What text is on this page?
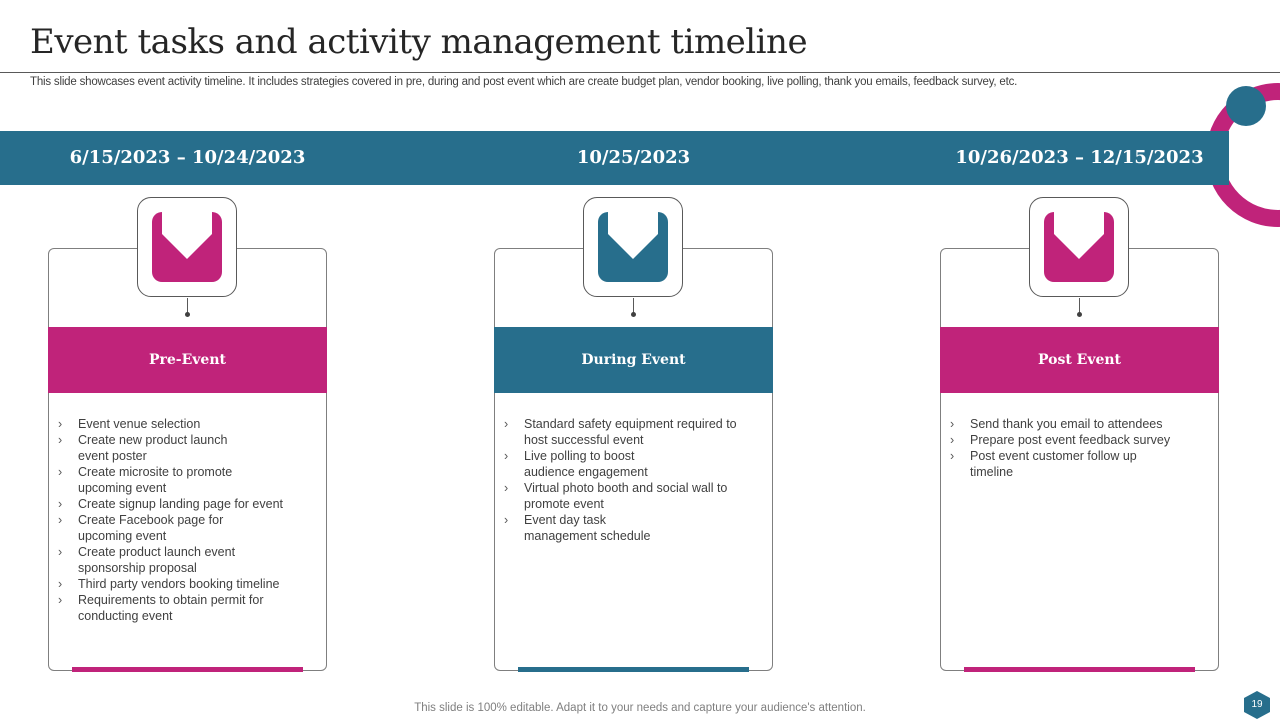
Event tasks and activity management timeline
This slide showcases event activity timeline. It includes strategies covered in pre, during and post event which are create budget plan, vendor booking, live polling, thank you emails, feedback survey, etc.
6/15/2023 – 10/24/2023	10/25/2023	10/26/2023 – 12/15/2023
Pre-Event
› Event venue selection
› Create new product launch event poster
› Create microsite to promote upcoming event
› Create signup landing page for event
› Create Facebook page for upcoming event
› Create product launch event sponsorship proposal
› Third party vendors booking timeline
› Requirements to obtain permit for conducting event
During Event
› Standard safety equipment required to host successful event
› Live polling to boost audience engagement
› Virtual photo booth and social wall to promote event
› Event day task management schedule
Post Event
› Send thank you email to attendees
› Prepare post event feedback survey
› Post event customer follow up timeline
This slide is 100% editable. Adapt it to your needs and capture your audience's attention.	19
